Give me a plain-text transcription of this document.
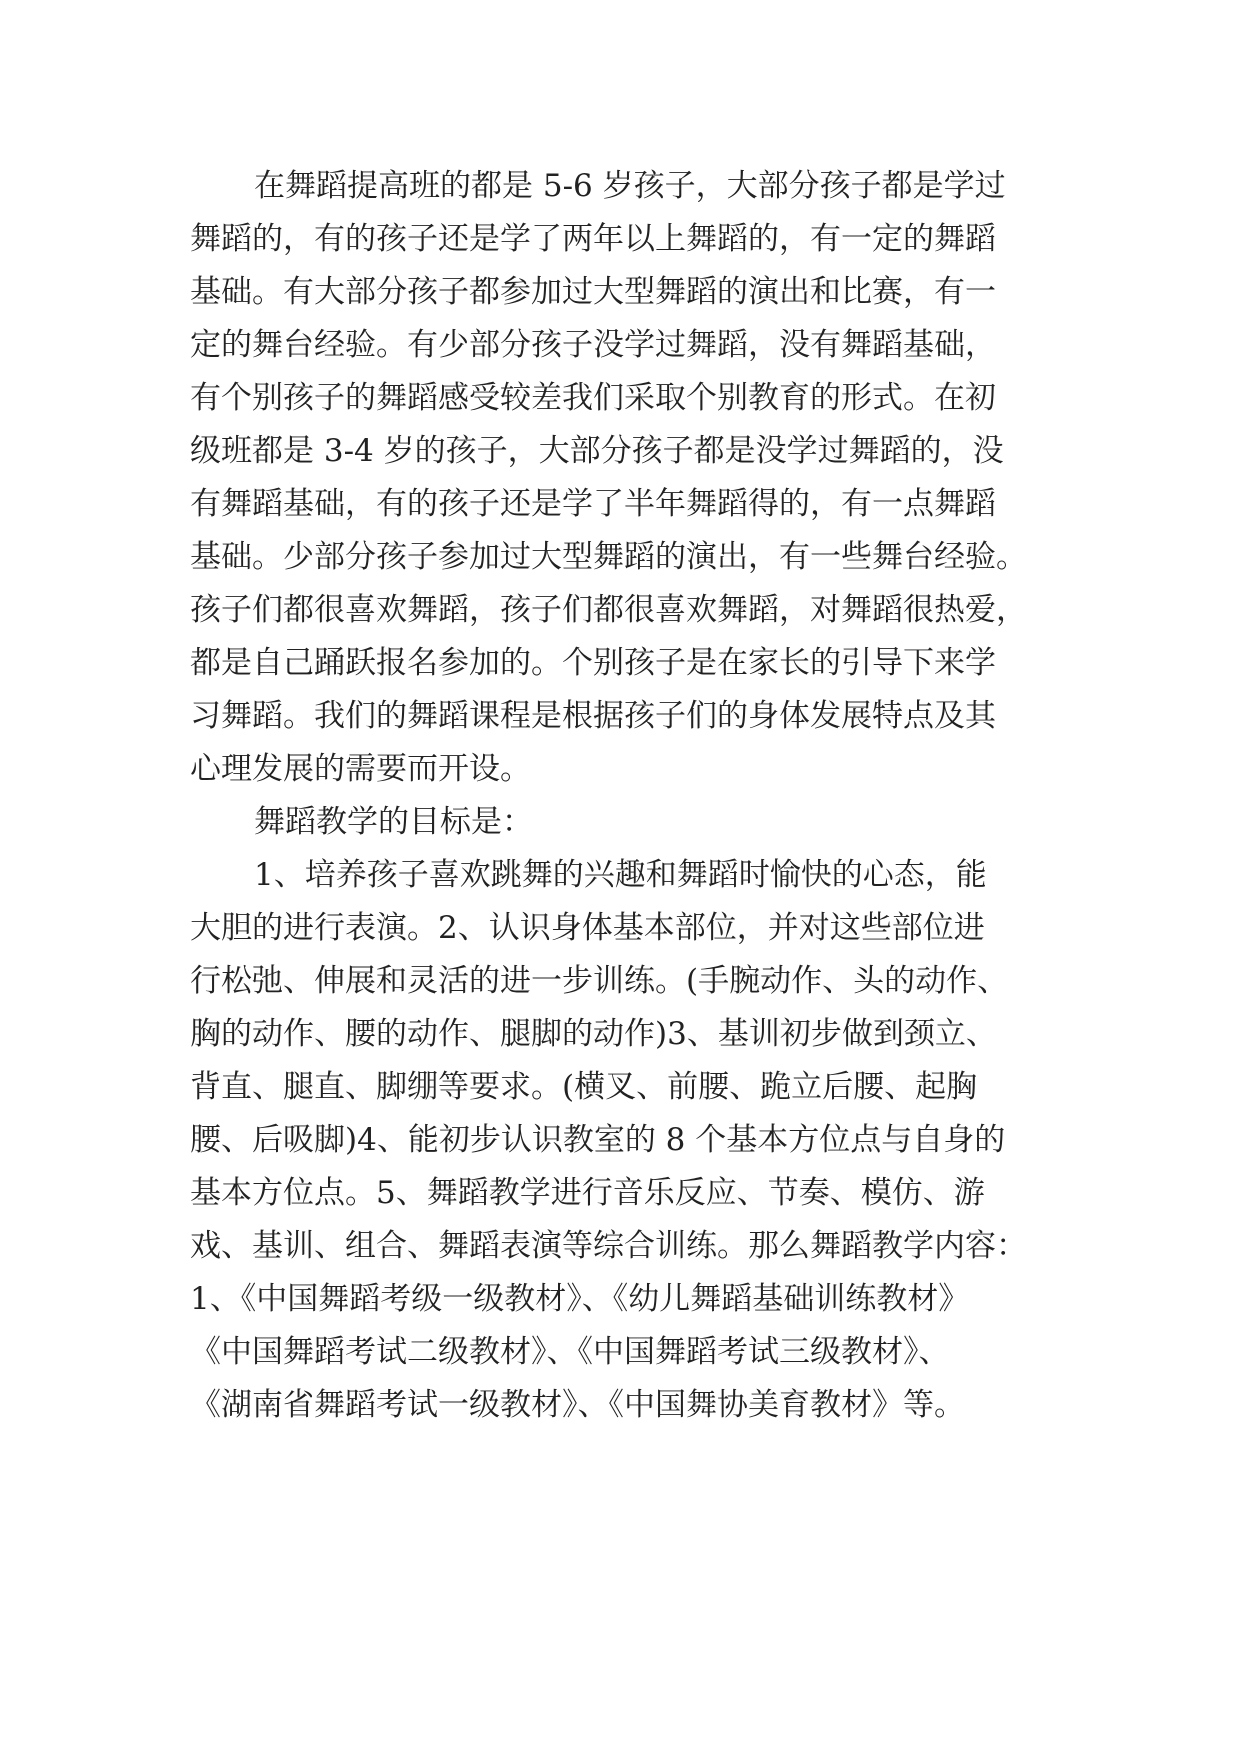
在舞蹈提高班的都是 5-6 岁孩子，大部分孩子都是学过
舞蹈的，有的孩子还是学了两年以上舞蹈的，有一定的舞蹈
基础。有大部分孩子都参加过大型舞蹈的演出和比赛，有一
定的舞台经验。有少部分孩子没学过舞蹈，没有舞蹈基础，
有个别孩子的舞蹈感受较差我们采取个别教育的形式。在初
级班都是 3-4 岁的孩子，大部分孩子都是没学过舞蹈的，没
有舞蹈基础，有的孩子还是学了半年舞蹈得的，有一点舞蹈
基础。少部分孩子参加过大型舞蹈的演出，有一些舞台经验。
孩子们都很喜欢舞蹈，孩子们都很喜欢舞蹈，对舞蹈很热爱，
都是自己踊跃报名参加的。个别孩子是在家长的引导下来学
习舞蹈。我们的舞蹈课程是根据孩子们的身体发展特点及其
心理发展的需要而开设。
舞蹈教学的目标是：
1、培养孩子喜欢跳舞的兴趣和舞蹈时愉快的心态，能
大胆的进行表演。2、认识身体基本部位，并对这些部位进
行松弛、伸展和灵活的进一步训练。(手腕动作、头的动作、
胸的动作、腰的动作、腿脚的动作)3、基训初步做到颈立、
背直、腿直、脚绷等要求。(横叉、前腰、跪立后腰、起胸
腰、后吸脚)4、能初步认识教室的 8 个基本方位点与自身的
基本方位点。5、舞蹈教学进行音乐反应、节奏、模仿、游
戏、基训、组合、舞蹈表演等综合训练。那么舞蹈教学内容：
1、《中国舞蹈考级一级教材》、《幼儿舞蹈基础训练教材》
《中国舞蹈考试二级教材》、《中国舞蹈考试三级教材》、
《湖南省舞蹈考试一级教材》、《中国舞协美育教材》等。
